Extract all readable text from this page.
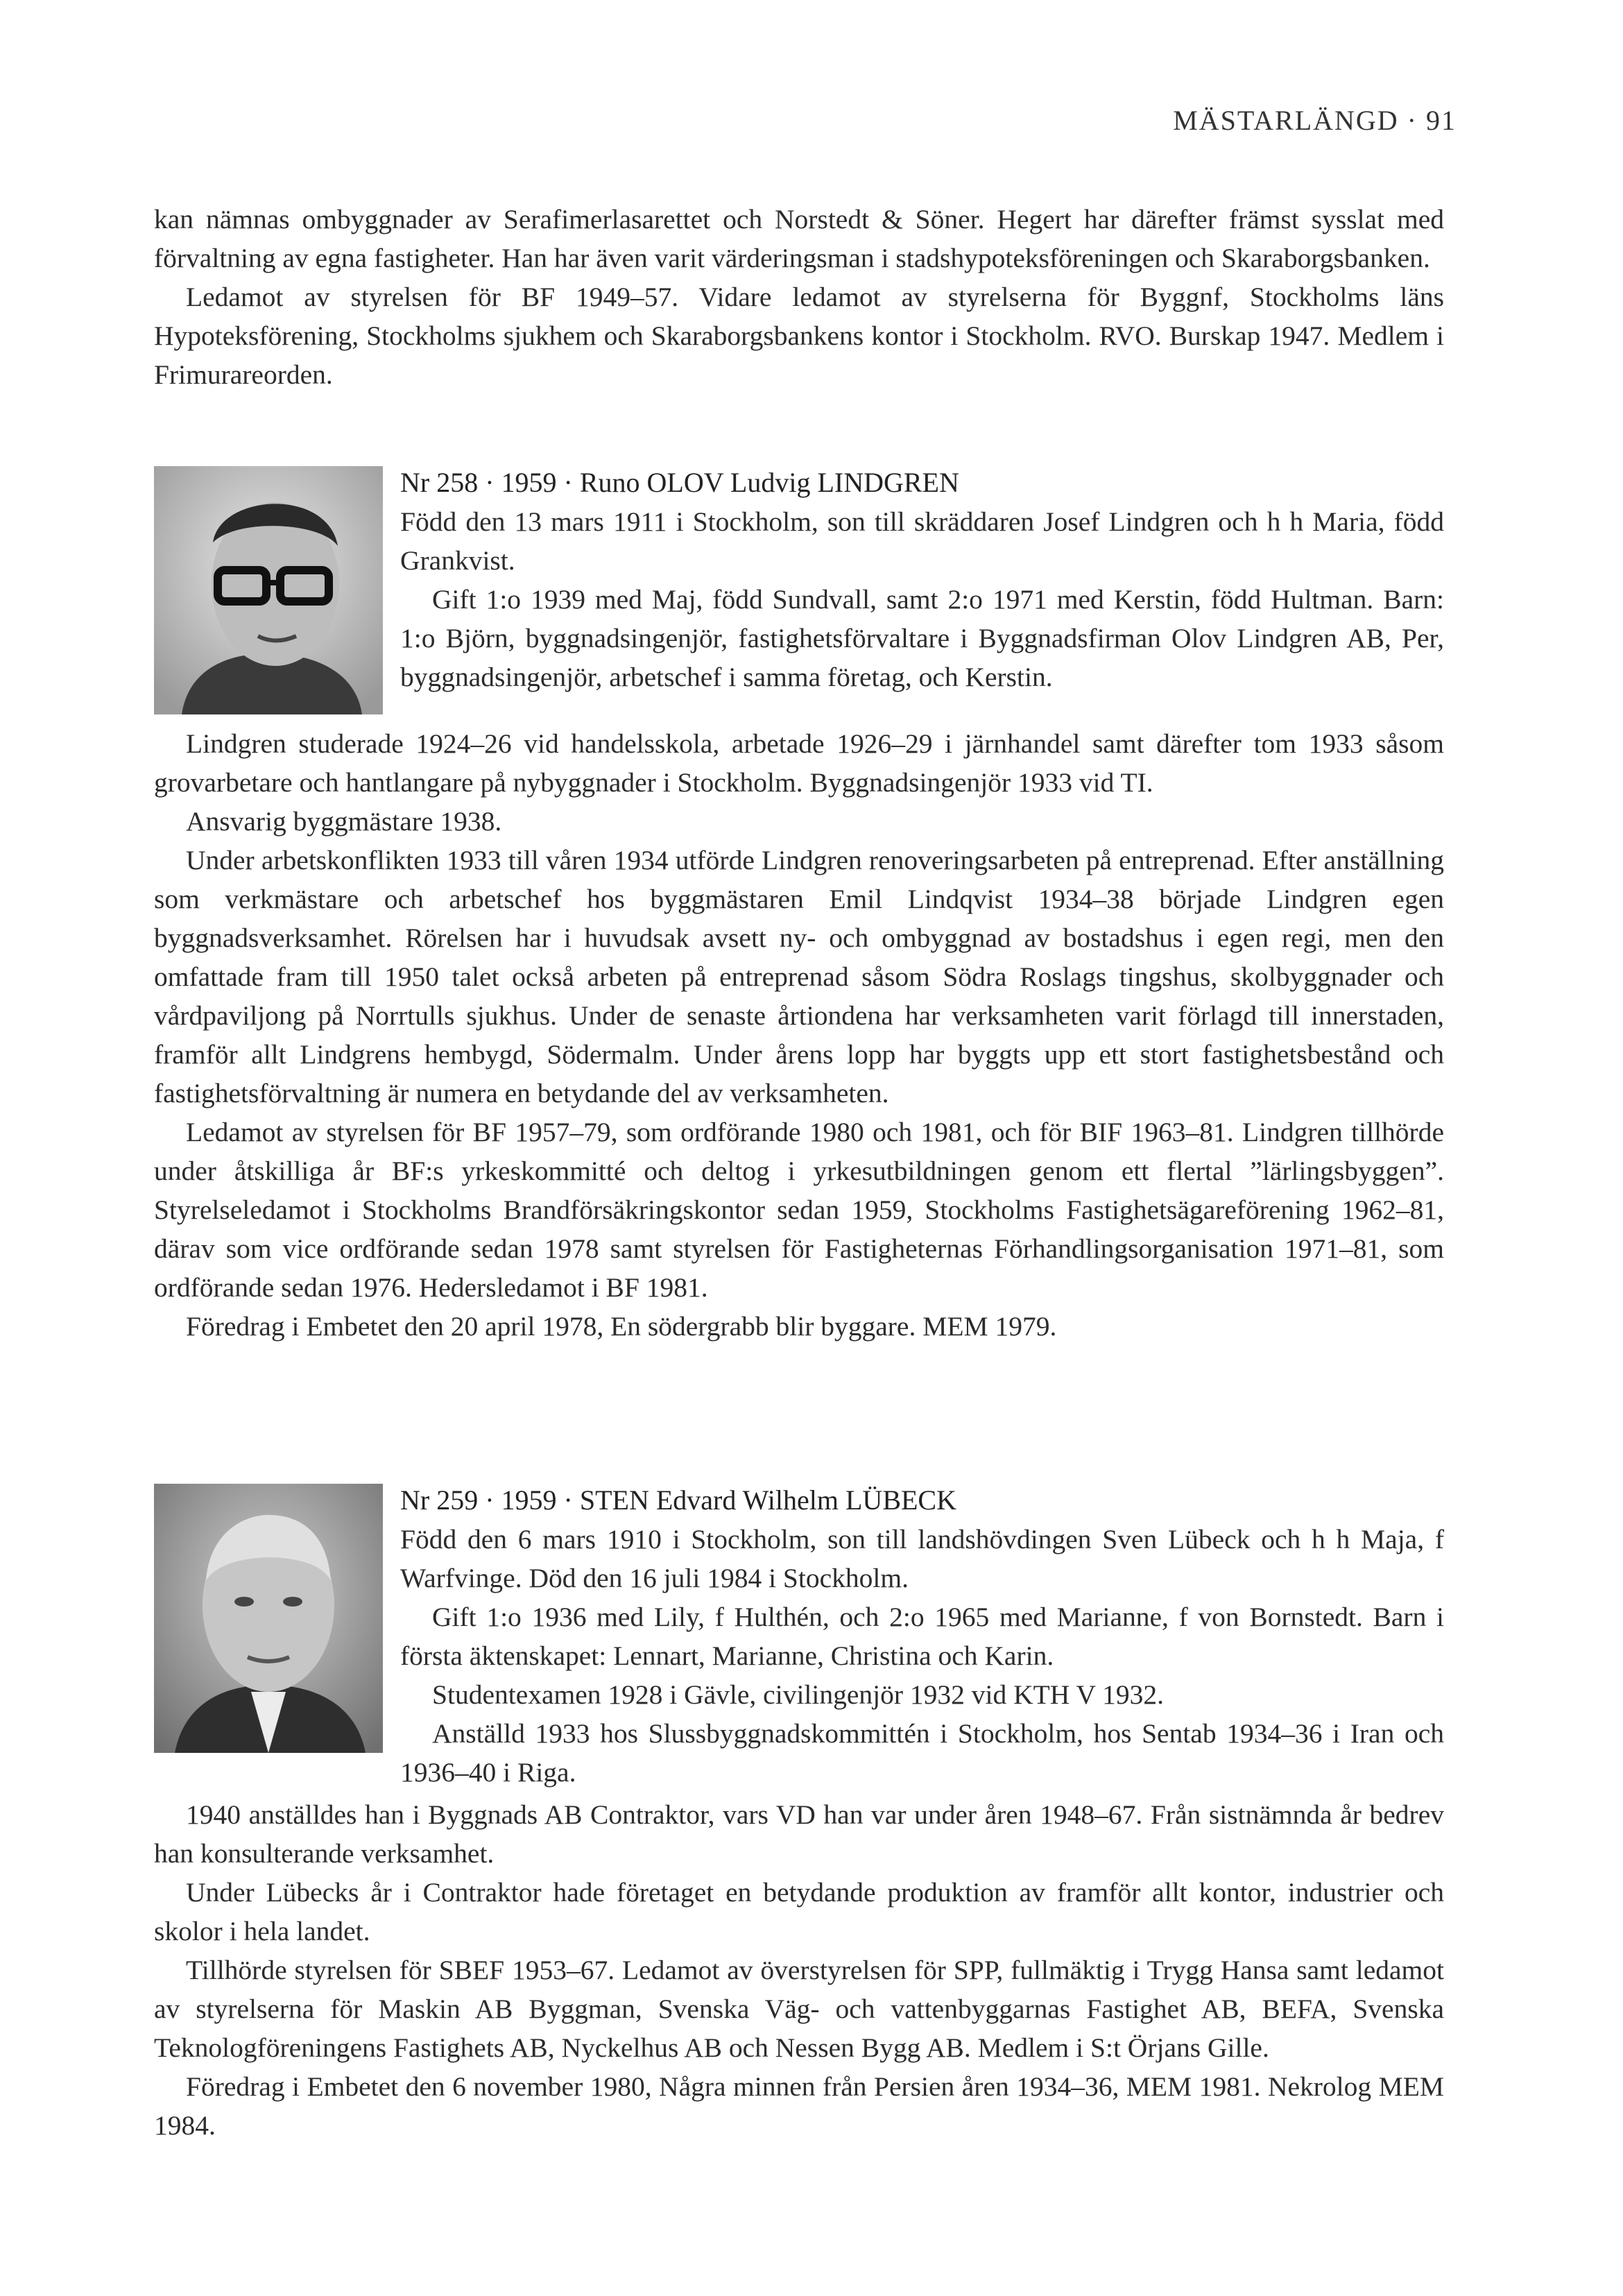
MÄSTARLÄNGD · 91

kan nämnas ombyggnader av Serafimerlasarettet och Norstedt & Söner. Hegert har därefter främst sysslat med förvaltning av egna fastigheter. Han har även varit värderingsman i stadshypoteksföreningen och Skaraborgsbanken.

Ledamot av styrelsen för BF 1949–57. Vidare ledamot av styrelserna för Byggnf, Stockholms läns Hypoteksförening, Stockholms sjukhem och Skaraborgsbankens kontor i Stockholm. RVO. Burskap 1947. Medlem i Frimurareorden.

Nr 258 · 1959 · Runo OLOV Ludvig LINDGREN

Född den 13 mars 1911 i Stockholm, son till skräddaren Josef Lindgren och h h Maria, född Grankvist.

Gift 1:o 1939 med Maj, född Sundvall, samt 2:o 1971 med Kerstin, född Hultman. Barn: 1:o Björn, byggnadsingenjör, fastighetsförvaltare i Byggnadsfirman Olov Lindgren AB, Per, byggnadsingenjör, arbetschef i samma företag, och Kerstin.

Lindgren studerade 1924–26 vid handelsskola, arbetade 1926–29 i järnhandel samt därefter tom 1933 såsom grovarbetare och hantlangare på nybyggnader i Stockholm. Byggnadsingenjör 1933 vid TI.

Ansvarig byggmästare 1938.

Under arbetskonflikten 1933 till våren 1934 utförde Lindgren renoveringsarbeten på entreprenad. Efter anställning som verkmästare och arbetschef hos byggmästaren Emil Lindqvist 1934–38 började Lindgren egen byggnadsverksamhet. Rörelsen har i huvudsak avsett ny- och ombyggnad av bostadshus i egen regi, men den omfattade fram till 1950 talet också arbeten på entreprenad såsom Södra Roslags tingshus, skolbyggnader och vårdpaviljong på Norrtulls sjukhus. Under de senaste årtiondena har verksamheten varit förlagd till innerstaden, framför allt Lindgrens hembygd, Södermalm. Under årens lopp har byggts upp ett stort fastighetsbestånd och fastighetsförvaltning är numera en betydande del av verksamheten.

Ledamot av styrelsen för BF 1957–79, som ordförande 1980 och 1981, och för BIF 1963–81. Lindgren tillhörde under åtskilliga år BF:s yrkeskommitté och deltog i yrkesutbildningen genom ett flertal ”lärlingsbyggen”. Styrelseledamot i Stockholms Brandförsäkringskontor sedan 1959, Stockholms Fastighetsägareförening 1962–81, därav som vice ordförande sedan 1978 samt styrelsen för Fastigheternas Förhandlingsorganisation 1971–81, som ordförande sedan 1976. Hedersledamot i BF 1981.

Föredrag i Embetet den 20 april 1978, En södergrabb blir byggare. MEM 1979.

Nr 259 · 1959 · STEN Edvard Wilhelm LÜBECK

Född den 6 mars 1910 i Stockholm, son till landshövdingen Sven Lübeck och h h Maja, f Warfvinge. Död den 16 juli 1984 i Stockholm.

Gift 1:o 1936 med Lily, f Hulthén, och 2:o 1965 med Marianne, f von Bornstedt. Barn i första äktenskapet: Lennart, Marianne, Christina och Karin.

Studentexamen 1928 i Gävle, civilingenjör 1932 vid KTH V 1932.

Anställd 1933 hos Slussbyggnadskommittén i Stockholm, hos Sentab 1934–36 i Iran och 1936–40 i Riga.

1940 anställdes han i Byggnads AB Contraktor, vars VD han var under åren 1948–67. Från sistnämnda år bedrev han konsulterande verksamhet.

Under Lübecks år i Contraktor hade företaget en betydande produktion av framför allt kontor, industrier och skolor i hela landet.

Tillhörde styrelsen för SBEF 1953–67. Ledamot av överstyrelsen för SPP, fullmäktig i Trygg Hansa samt ledamot av styrelserna för Maskin AB Byggman, Svenska Väg- och vattenbyggarnas Fastighet AB, BEFA, Svenska Teknologföreningens Fastighets AB, Nyckelhus AB och Nessen Bygg AB. Medlem i S:t Örjans Gille.

Föredrag i Embetet den 6 november 1980, Några minnen från Persien åren 1934–36, MEM 1981. Nekrolog MEM 1984.
